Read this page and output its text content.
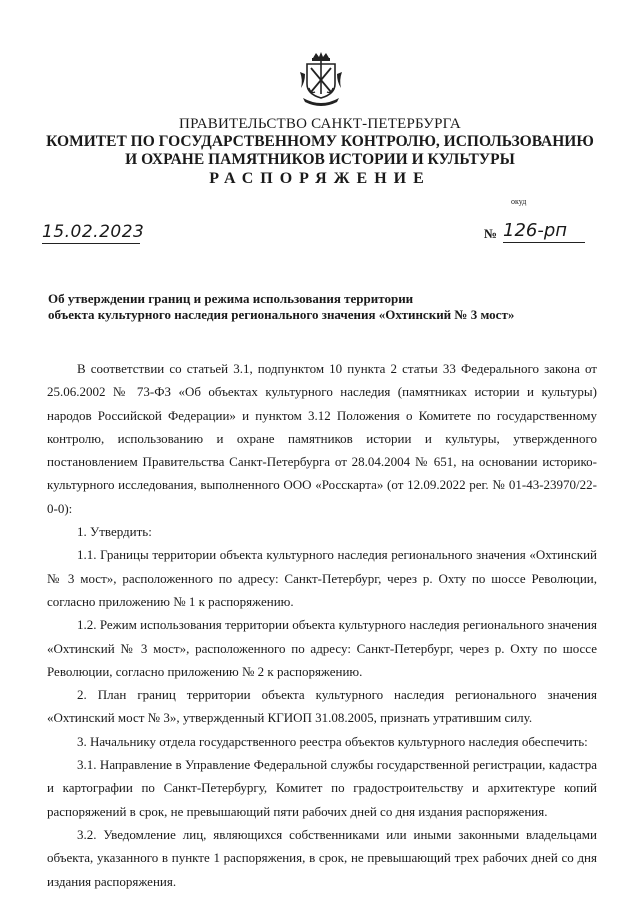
ПРАВИТЕЛЬСТВО САНКТ-ПЕТЕРБУРГА
КОМИТЕТ ПО ГОСУДАРСТВЕННОМУ КОНТРОЛЮ, ИСПОЛЬЗОВАНИЮ
И ОХРАНЕ ПАМЯТНИКОВ ИСТОРИИ И КУЛЬТУРЫ
РАСПОРЯЖЕНИЕ
окуд
15.02.2023	№ 126-рп
Об утверждении границ и режима использования территории
объекта культурного наследия регионального значения «Охтинский № 3 мост»

В соответствии со статьей 3.1, подпунктом 10 пункта 2 статьи 33 Федерального закона от 25.06.2002 № 73-ФЗ «Об объектах культурного наследия (памятниках истории и культуры) народов Российской Федерации» и пунктом 3.12 Положения о Комитете по государственному контролю, использованию и охране памятников истории и культуры, утвержденного постановлением Правительства Санкт-Петербурга от 28.04.2004 № 651, на основании историко-культурного исследования, выполненного ООО «Росскарта» (от 12.09.2022 рег. № 01-43-23970/22-0-0):

1. Утвердить:

1.1. Границы территории объекта культурного наследия регионального значения «Охтинский № 3 мост», расположенного по адресу: Санкт-Петербург, через р. Охту по шоссе Революции, согласно приложению № 1 к распоряжению.

1.2. Режим использования территории объекта культурного наследия регионального значения «Охтинский № 3 мост», расположенного по адресу: Санкт-Петербург, через р. Охту по шоссе Революции, согласно приложению № 2 к распоряжению.

2. План границ территории объекта культурного наследия регионального значения «Охтинский мост № 3», утвержденный КГИОП 31.08.2005, признать утратившим силу.

3. Начальнику отдела государственного реестра объектов культурного наследия обеспечить:

3.1. Направление в Управление Федеральной службы государственной регистрации, кадастра и картографии по Санкт-Петербургу, Комитет по градостроительству и архитектуре копий распоряжений в срок, не превышающий пяти рабочих дней со дня издания распоряжения.

3.2. Уведомление лиц, являющихся собственниками или иными законными владельцами объекта, указанного в пункте 1 распоряжения, в срок, не превышающий трех рабочих дней со дня издания распоряжения.
